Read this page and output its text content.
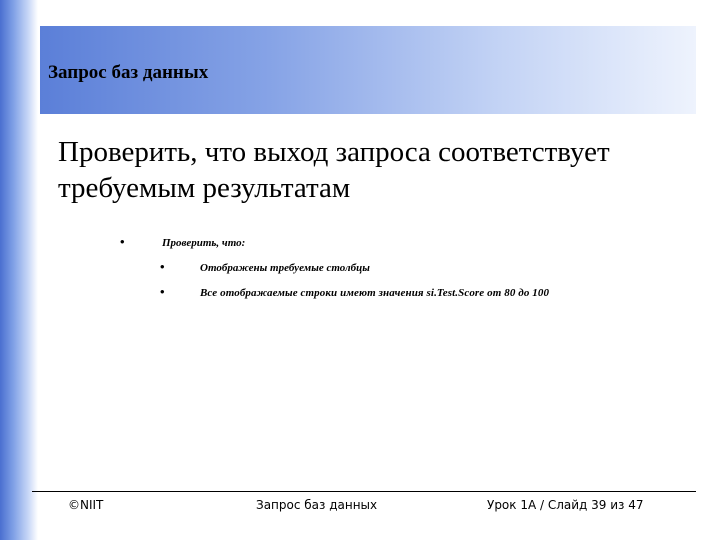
Запрос баз данных
Проверить, что выход запроса соответствует требуемым результатам
•	Проверить, что:
•	Отображены требуемые столбцы
•	Все отображаемые строки имеют значения si.Test.Score от 80 до 100
©NIIT	Запрос баз данных	Урок 1А / Слайд 39 из 47
